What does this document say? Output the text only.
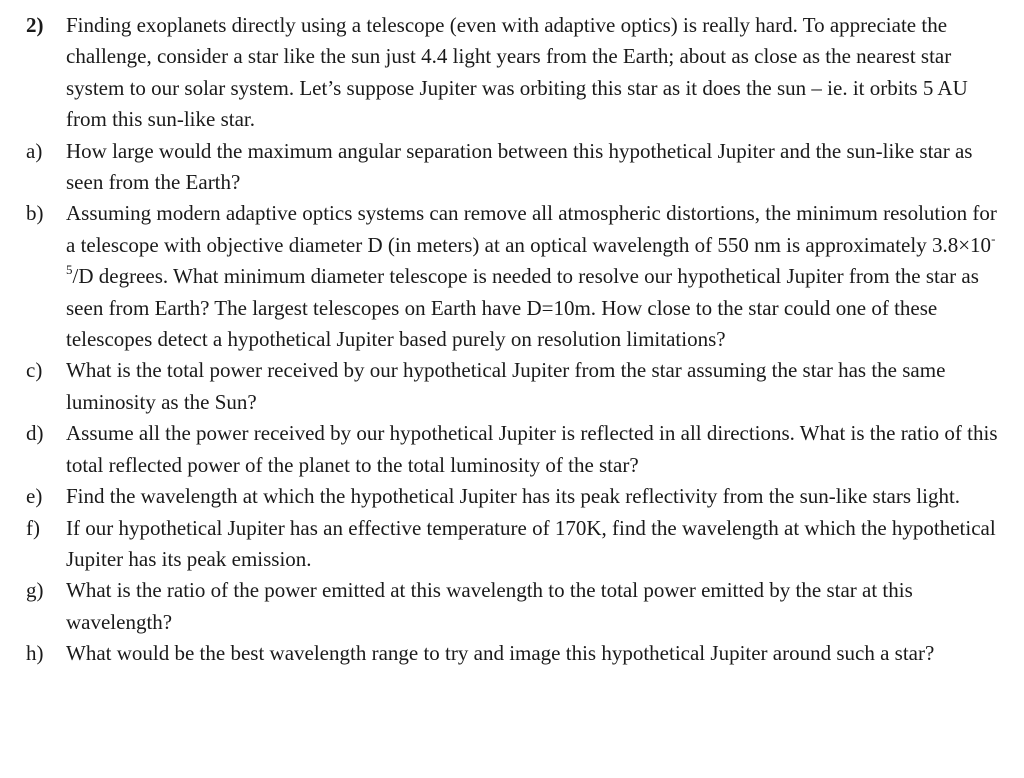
2)	Finding exoplanets directly using a telescope (even with adaptive optics) is really hard. To appreciate the challenge, consider a star like the sun just 4.4 light years from the Earth; about as close as the nearest star system to our solar system. Let’s suppose Jupiter was orbiting this star as it does the sun – ie. it orbits 5 AU from this sun-like star.
a)	How large would the maximum angular separation between this hypothetical Jupiter and the sun-like star as seen from the Earth?
b)	Assuming modern adaptive optics systems can remove all atmospheric distortions, the minimum resolution for a telescope with objective diameter D (in meters) at an optical wavelength of 550 nm is approximately $3.8\times 10^{-5}/D$ degrees. What minimum diameter telescope is needed to resolve our hypothetical Jupiter from the star as seen from Earth? The largest telescopes on Earth have D=10m. How close to the star could one of these telescopes detect a hypothetical Jupiter based purely on resolution limitations?
c)	What is the total power received by our hypothetical Jupiter from the star assuming the star has the same luminosity as the Sun?
d)	Assume all the power received by our hypothetical Jupiter is reflected in all directions. What is the ratio of this total reflected power of the planet to the total luminosity of the star?
e)	Find the wavelength at which the hypothetical Jupiter has its peak reflectivity from the sun-like stars light.
f)	If our hypothetical Jupiter has an effective temperature of 170K, find the wavelength at which the hypothetical Jupiter has its peak emission.
g)	What is the ratio of the power emitted at this wavelength to the total power emitted by the star at this wavelength?
h)	What would be the best wavelength range to try and image this hypothetical Jupiter around such a star?
